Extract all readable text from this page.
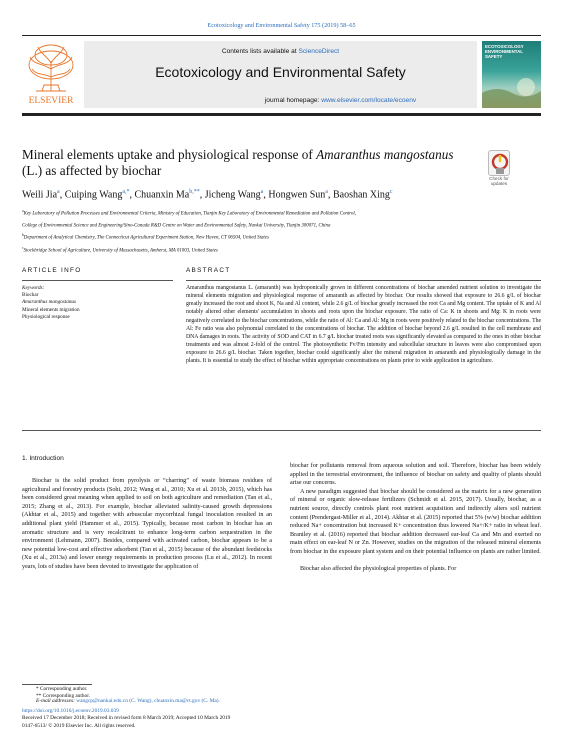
Ecotoxicology and Environmental Safety 175 (2019) 58–65
ELSEVIER
Contents lists available at ScienceDirect
Ecotoxicology and Environmental Safety
journal homepage: www.elsevier.com/locate/ecoenv
ECOTOXICOLOGY ENVIRONMENTAL SAFETY
Mineral elements uptake and physiological response of Amaranthus mangostanus (L.) as affected by biochar
Check for updates
Weili Jia$^a$, Cuiping Wang$^{a,*}$, Chuanxin $Ma^{b,**}$, Jicheng Wang$^a$, Hongwen Sun$^a$, Baoshan Xing$^c$
$^a$Key Laboratory of Pollution Processes and Environmental Criteria, Ministry of Education, Tianjin Key Laboratory of Environmental Remediation and Pollution Control,
College of Environmental Science and Engineering/Sino-Canada R&D Centre on Water and Environmental Safety, Nankai University, Tianjin 300071, China
$^b$Department of Analytical Chemistry, The Connecticut Agricultural Experiment Station, New Haven, CT 06504, United States
$^c$Stockbridge School of Agriculture, University of Massachusetts, Amherst, MA 01003, United States
ARTICLE INFO	ABSTRACT
Keywords:
Biochar
Amaranthus mangostanus
Mineral elements migration
Physiological response
Amaranthus mangostanus L. (amaranth) was hydroponically grown in different concentrations of biochar amended nutrient solution to investigate the mineral elements migration and physiological response of amaranth as affected by biochar. Our results showed that exposure to 26.6 g/L of biochar greatly increased the root and shoot K, Na and Al content, while 2.6 g/L of biochar greatly increased the root Ca and Mg content. The uptake of K and Al notably altered other elements' accumulation in shoots and roots upon the biochar exposure. The ratio of Ca: K in shoots and Mg: K in roots were negatively correlated to the biochar concentrations, while the ratio of Al: Ca and Al: Mg in roots were positively related to the biochar concentrations. The Al: Fe ratio was also polynomial correlated to the concentrations of biochar. The addition of biochar beyond 2.6 g/L resulted in the cell membrane and DNA damages in roots. The activity of SOD and CAT in 6.7 g/L biochar treated roots was significantly elevated as compared to the ones in other biochar treatments and was almost 2-fold of the control. The photosynthetic Fv/Fm intensity and subcellular structure in leaves were also compromised upon exposure to 26.6 g/L biochar. Taken together, biochar could significantly alter the mineral migration in amaranth and physiologically damage in the plants. It is essential to study the effect of biochar within appropriate concentrations on plants prior to wide application in agriculture.
1. Introduction

Biochar is the solid product from pyrolysis or “charring” of waste biomass residues of agricultural and forestry products (Sohi, 2012; Wang et al., 2010; Xu et al. 2013b, 2015), which has been considered great meaning when applied to soil on both agriculture and remediation (Tan et al., 2015; Zhang et al., 2013). For example, biochar alleviated salinity-caused growth depressions (Akhtar et al., 2015) and together with arbuscular mycorrhizal fungal inoculation resulted in an additional plant yield (Hammer et al., 2015). Typically, because most carbon in biochar has an aromatic structure and is very recalcitrant to enhance long-term carbon sequestration in the environment (Lehmann, 2007). Besides, compared with activated carbon, biochar appears to be a new potential low-cost and effective adsorbent (Tan et al., 2015) because of the abundant feedstocks (Xu et al., 2013a) and lower energy requirements in production process (Lu et al., 2012). In recent years, lots of studies have been devoted to investigate the application of

biochar for pollutants removal from aqueous solution and soil. Therefore, biochar has been widely applied in the terrestrial environment, the influence of biochar on safety and quality of plants should arise our concerns.

A new paradigm suggested that biochar should be considered as the matrix for a new generation of mineral or organic slow-release fertilizers (Schmidt et al. 2015, 2017). Usually, biochar, as a nutrient source, directly controls plant root nutrient acquisition and indirectly alters soil nutrient content (Prendergast-Miller et al., 2014). Akhtar et al. (2015) reported that 5% (w/w) biochar addition reduced Na+ concentration but increased K+ concentration thus lowered Na+/K+ ratio in wheat leaf. Brantley et al. (2016) reported that biochar addition decreased ear-leaf Ca and Mn and exerted no main effect on ear-leaf N or Zn. However, studies on the migration of the released mineral elements from biochar in the exposure plant system and on their potential influence on plants are rather limited.

Biochar also affected the physiological properties of plants. For

* Corresponding author.
** Corresponding author.
E-mail addresses: wangcp@nankai.edu.cn (C. Wang), chuanxin.ma@ct.gov (C. Ma).
https://doi.org/10.1016/j.ecoenv.2019.03.039
Received 17 December 2018; Received in revised form 8 March 2019; Accepted 10 March 2019
0147-6513/ © 2019 Elsevier Inc. All rights reserved.
